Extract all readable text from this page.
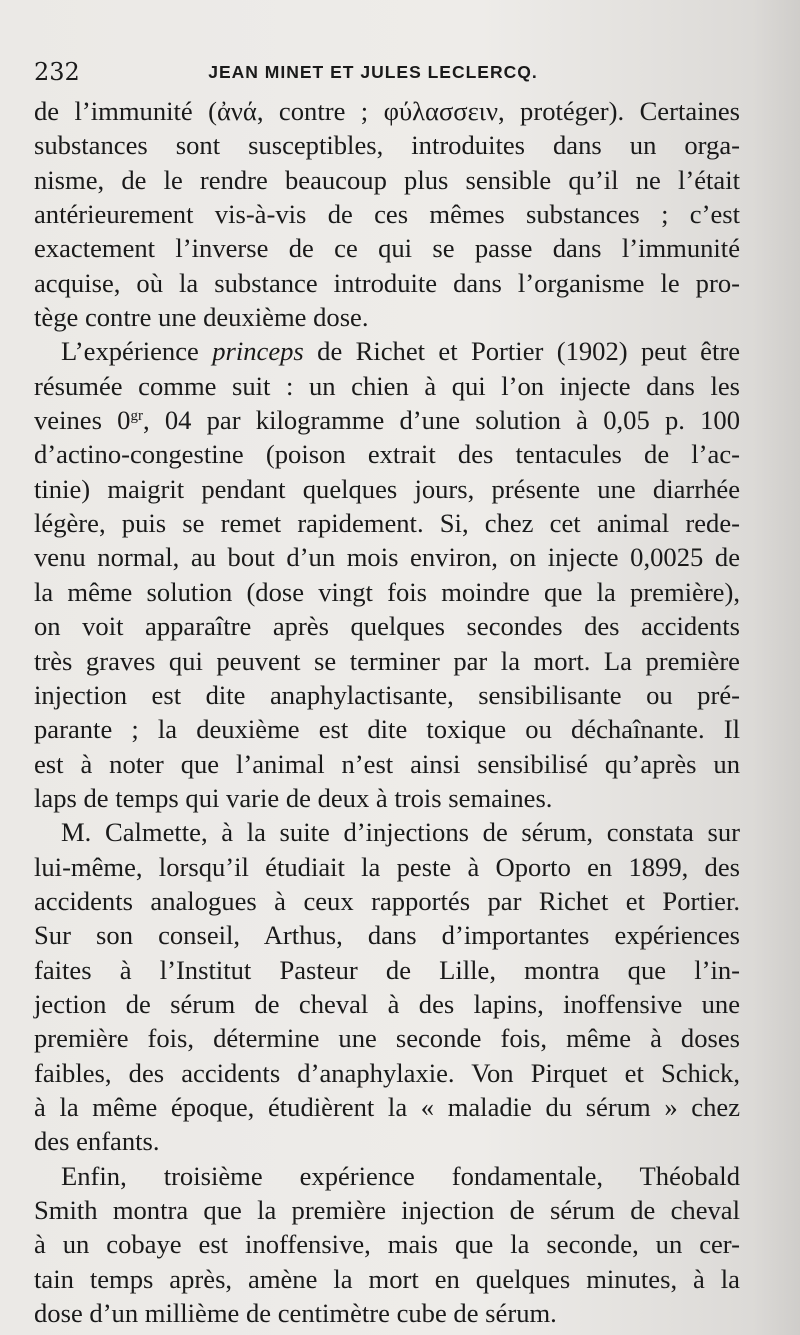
232	JEAN MINET ET JULES LECLERCQ.

de l’immunité (ἀνά, contre ; φύλασσειν, protéger). Certaines
substances sont susceptibles, introduites dans un orga-
nisme, de le rendre beaucoup plus sensible qu’il ne l’était
antérieurement vis-à-vis de ces mêmes substances ; c’est
exactement l’inverse de ce qui se passe dans l’immunité
acquise, où la substance introduite dans l’organisme le pro-
tège contre une deuxième dose.

L’expérience princeps de Richet et Portier (1902) peut être
résumée comme suit : un chien à qui l’on injecte dans les
veines $0^{gr}$, 04 par kilogramme d’une solution à 0,05 p. 100
d’actino-congestine (poison extrait des tentacules de l’ac-
tinie) maigrit pendant quelques jours, présente une diarrhée
légère, puis se remet rapidement. Si, chez cet animal rede-
venu normal, au bout d’un mois environ, on injecte 0,0025 de
la même solution (dose vingt fois moindre que la première),
on voit apparaître après quelques secondes des accidents
très graves qui peuvent se terminer par la mort. La première
injection est dite anaphylactisante, sensibilisante ou pré-
parante ; la deuxième est dite toxique ou déchaînante. Il
est à noter que l’animal n’est ainsi sensibilisé qu’après un
laps de temps qui varie de deux à trois semaines.

M. Calmette, à la suite d’injections de sérum, constata sur
lui-même, lorsqu’il étudiait la peste à Oporto en 1899, des
accidents analogues à ceux rapportés par Richet et Portier.
Sur son conseil, Arthus, dans d’importantes expériences
faites à l’Institut Pasteur de Lille, montra que l’in-
jection de sérum de cheval à des lapins, inoffensive une
première fois, détermine une seconde fois, même à doses
faibles, des accidents d’anaphylaxie. Von Pirquet et Schick,
à la même époque, étudièrent la « maladie du sérum » chez
des enfants.

Enfin, troisième expérience fondamentale, Théobald
Smith montra que la première injection de sérum de cheval
à un cobaye est inoffensive, mais que la seconde, un cer-
tain temps après, amène la mort en quelques minutes, à la
dose d’un millième de centimètre cube de sérum.
